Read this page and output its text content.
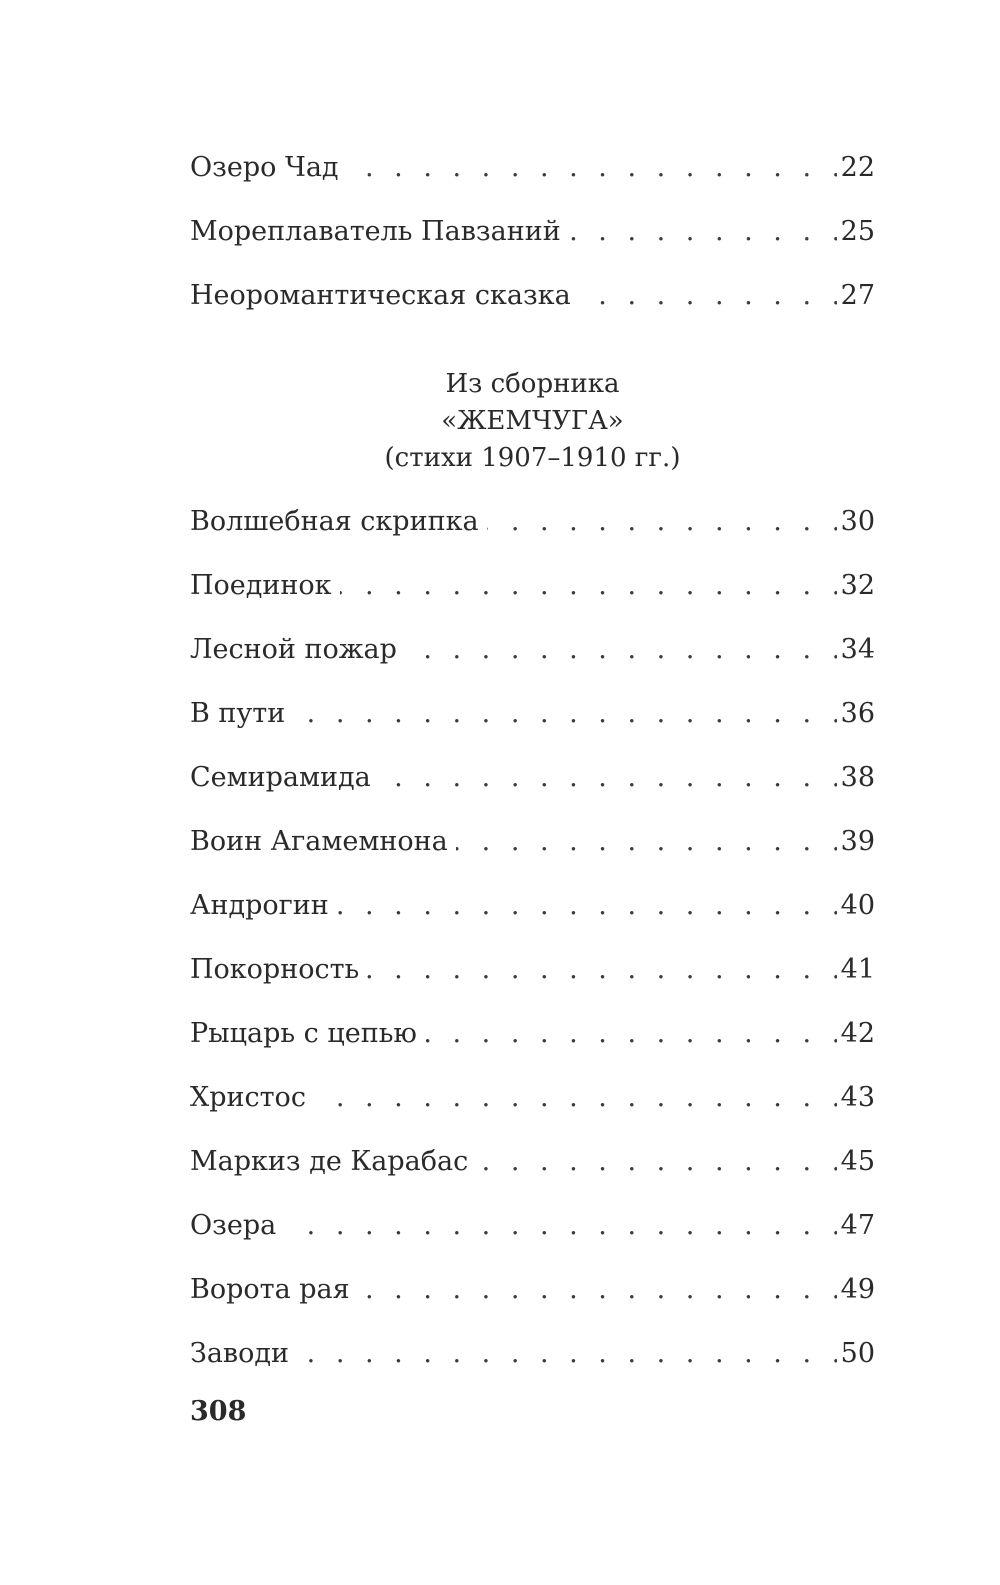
. . .
Озеро Чад	22
. . .
Мореплаватель Павзаний	25
. . .
Неоромантическая сказка	27
Из сборника
«ЖЕМЧУГА»
(стихи 1907–1910 гг.)
. . .
Волшебная скрипка	30
. . .
Поединок	32
. . .
Лесной пожар	34
. . .
В пути	36
. . .
Семирамида	38
. . .
Воин Агамемнона	39
. . .
Андрогин	40
. . .
Покорность	41
. . .
Рыцарь с цепью	42
. . .
Христос	43
. . .
Маркиз де Карабас	45
. . .
Озера	47
. . .
Ворота рая	49
. . .
Заводи	50
308
